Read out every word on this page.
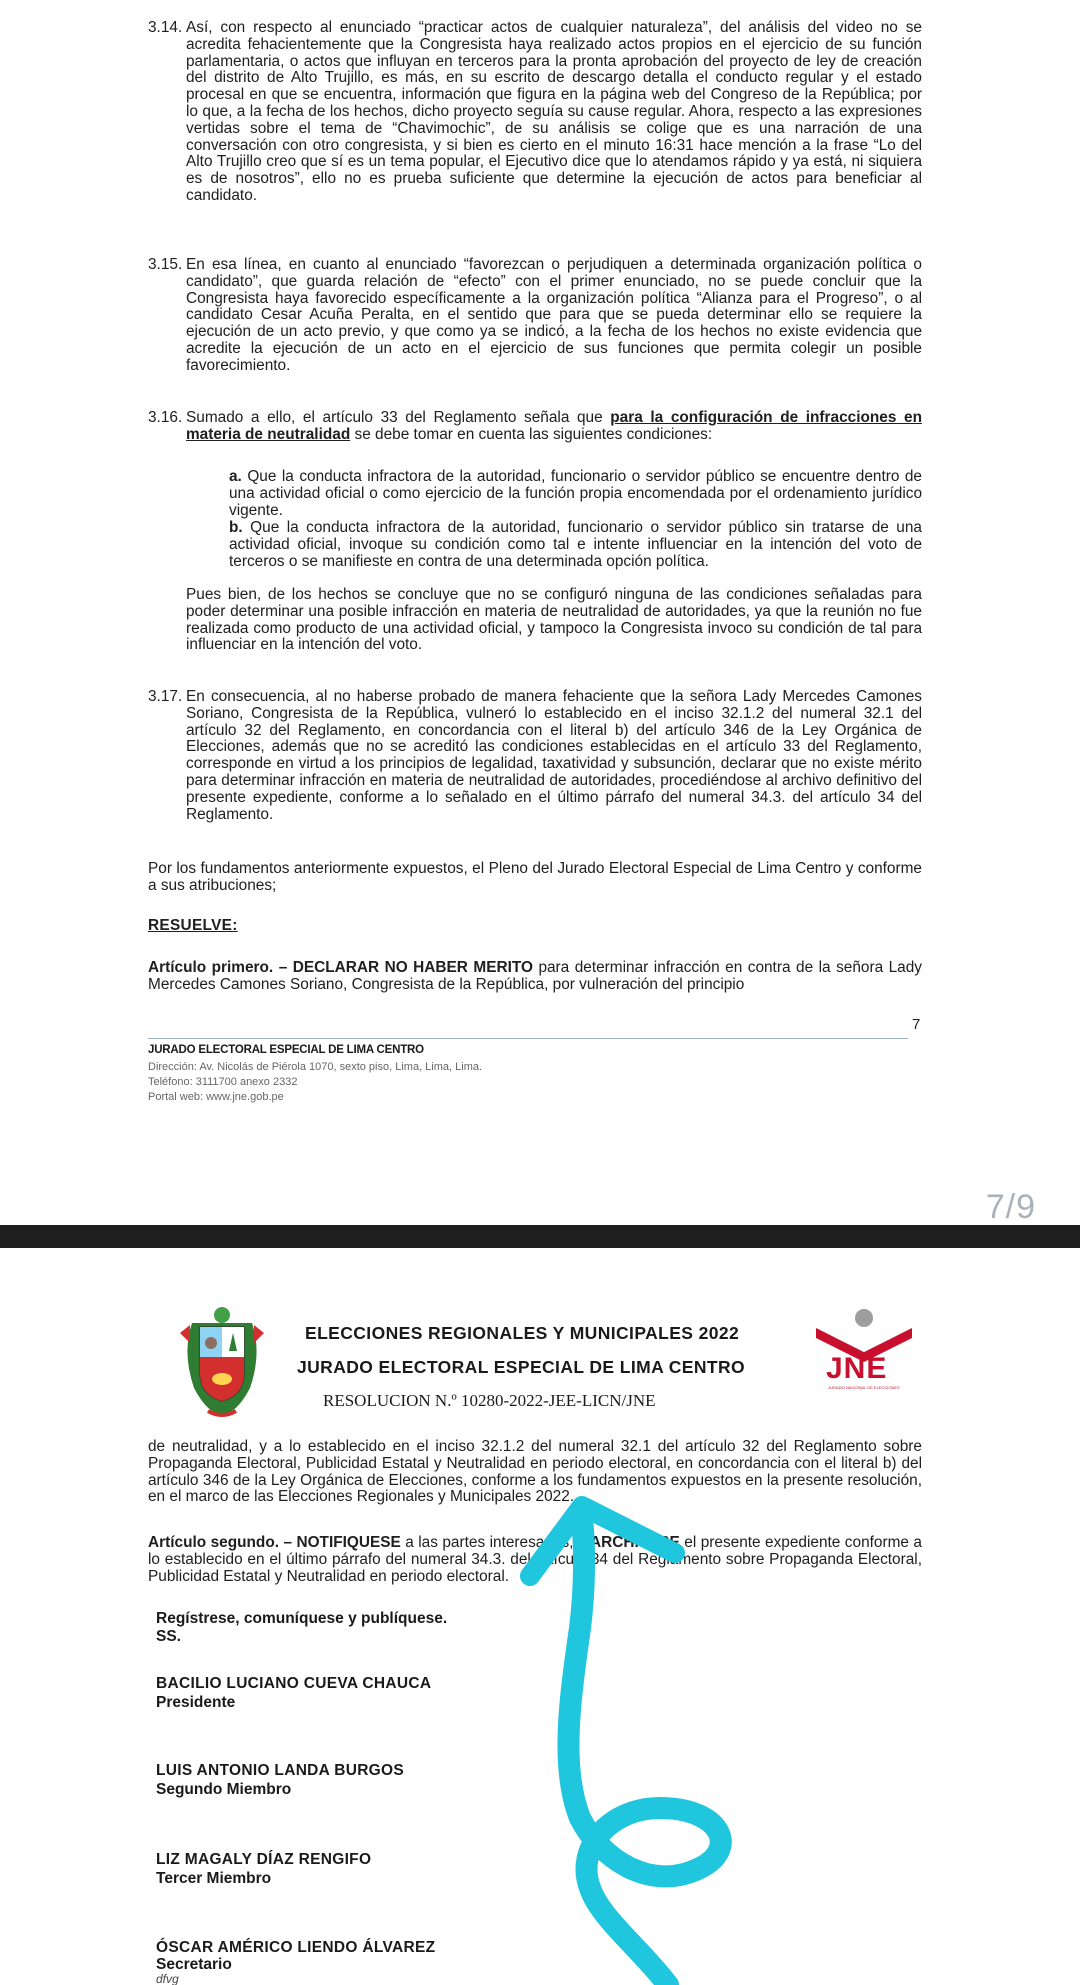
3.14. Así, con respecto al enunciado “practicar actos de cualquier naturaleza”, del análisis del video no se acredita fehacientemente que la Congresista haya realizado actos propios en el ejercicio de su función parlamentaria, o actos que influyan en terceros para la pronta aprobación del proyecto de ley de creación del distrito de Alto Trujillo, es más, en su escrito de descargo detalla el conducto regular y el estado procesal en que se encuentra, información que figura en la página web del Congreso de la República; por lo que, a la fecha de los hechos, dicho proyecto seguía su cause regular. Ahora, respecto a las expresiones vertidas sobre el tema de “Chavimochic”, de su análisis se colige que es una narración de una conversación con otro congresista, y si bien es cierto en el minuto 16:31 hace mención a la frase “Lo del Alto Trujillo creo que sí es un tema popular, el Ejecutivo dice que lo atendamos rápido y ya está, ni siquiera es de nosotros”, ello no es prueba suficiente que determine la ejecución de actos para beneficiar al candidato.

3.15. En esa línea, en cuanto al enunciado “favorezcan o perjudiquen a determinada organización política o candidato”, que guarda relación de “efecto” con el primer enunciado, no se puede concluir que la Congresista haya favorecido específicamente a la organización política “Alianza para el Progreso”, o al candidato Cesar Acuña Peralta, en el sentido que para que se pueda determinar ello se requiere la ejecución de un acto previo, y que como ya se indicó, a la fecha de los hechos no existe evidencia que acredite la ejecución de un acto en el ejercicio de sus funciones que permita colegir un posible favorecimiento.

3.16. Sumado a ello, el artículo 33 del Reglamento señala que para la configuración de infracciones en materia de neutralidad se debe tomar en cuenta las siguientes condiciones:

a. Que la conducta infractora de la autoridad, funcionario o servidor público se encuentre dentro de una actividad oficial o como ejercicio de la función propia encomendada por el ordenamiento jurídico vigente.

b. Que la conducta infractora de la autoridad, funcionario o servidor público sin tratarse de una actividad oficial, invoque su condición como tal e intente influenciar en la intención del voto de terceros o se manifieste en contra de una determinada opción política.

Pues bien, de los hechos se concluye que no se configuró ninguna de las condiciones señaladas para poder determinar una posible infracción en materia de neutralidad de autoridades, ya que la reunión no fue realizada como producto de una actividad oficial, y tampoco la Congresista invoco su condición de tal para influenciar en la intención del voto.

3.17. En consecuencia, al no haberse probado de manera fehaciente que la señora Lady Mercedes Camones Soriano, Congresista de la República, vulneró lo establecido en el inciso 32.1.2 del numeral 32.1 del artículo 32 del Reglamento, en concordancia con el literal b) del artículo 346 de la Ley Orgánica de Elecciones, además que no se acreditó las condiciones establecidas en el artículo 33 del Reglamento, corresponde en virtud a los principios de legalidad, taxatividad y subsunción, declarar que no existe mérito para determinar infracción en materia de neutralidad de autoridades, procediéndose al archivo definitivo del presente expediente, conforme a lo señalado en el último párrafo del numeral 34.3. del artículo 34 del Reglamento.

Por los fundamentos anteriormente expuestos, el Pleno del Jurado Electoral Especial de Lima Centro y conforme a sus atribuciones;

RESUELVE:

Artículo primero. – DECLARAR NO HABER MERITO para determinar infracción en contra de la señora Lady Mercedes Camones Soriano, Congresista de la República, por vulneración del principio

7
JURADO ELECTORAL ESPECIAL DE LIMA CENTRO
Dirección: Av. Nicolás de Piérola 1070, sexto piso, Lima, Lima, Lima.
Teléfono: 3111700 anexo 2332
Portal web: www.jne.gob.pe
7/9
ELECCIONES REGIONALES Y MUNICIPALES 2022
JURADO ELECTORAL ESPECIAL DE LIMA CENTRO
RESOLUCION N.º 10280-2022-JEE-LICN/JNE
JNE
JURADO NACIONAL DE ELECCIONES

de neutralidad, y a lo establecido en el inciso 32.1.2 del numeral 32.1 del artículo 32 del Reglamento sobre Propaganda Electoral, Publicidad Estatal y Neutralidad en periodo electoral, en concordancia con el literal b) del artículo 346 de la Ley Orgánica de Elecciones, conforme a los fundamentos expuestos en la presente resolución, en el marco de las Elecciones Regionales y Municipales 2022.

Artículo segundo. – NOTIFIQUESE a las partes interesadas, y ARCHIVESE el presente expediente conforme a lo establecido en el último párrafo del numeral 34.3. del artículo 34 del Reglamento sobre Propaganda Electoral, Publicidad Estatal y Neutralidad en periodo electoral.

Regístrese, comuníquese y publíquese.
SS.
BACILIO LUCIANO CUEVA CHAUCA
Presidente
LUIS ANTONIO LANDA BURGOS
Segundo Miembro
LIZ MAGALY DÍAZ RENGIFO
Tercer Miembro
ÓSCAR AMÉRICO LIENDO ÁLVAREZ
Secretario
dfvg
